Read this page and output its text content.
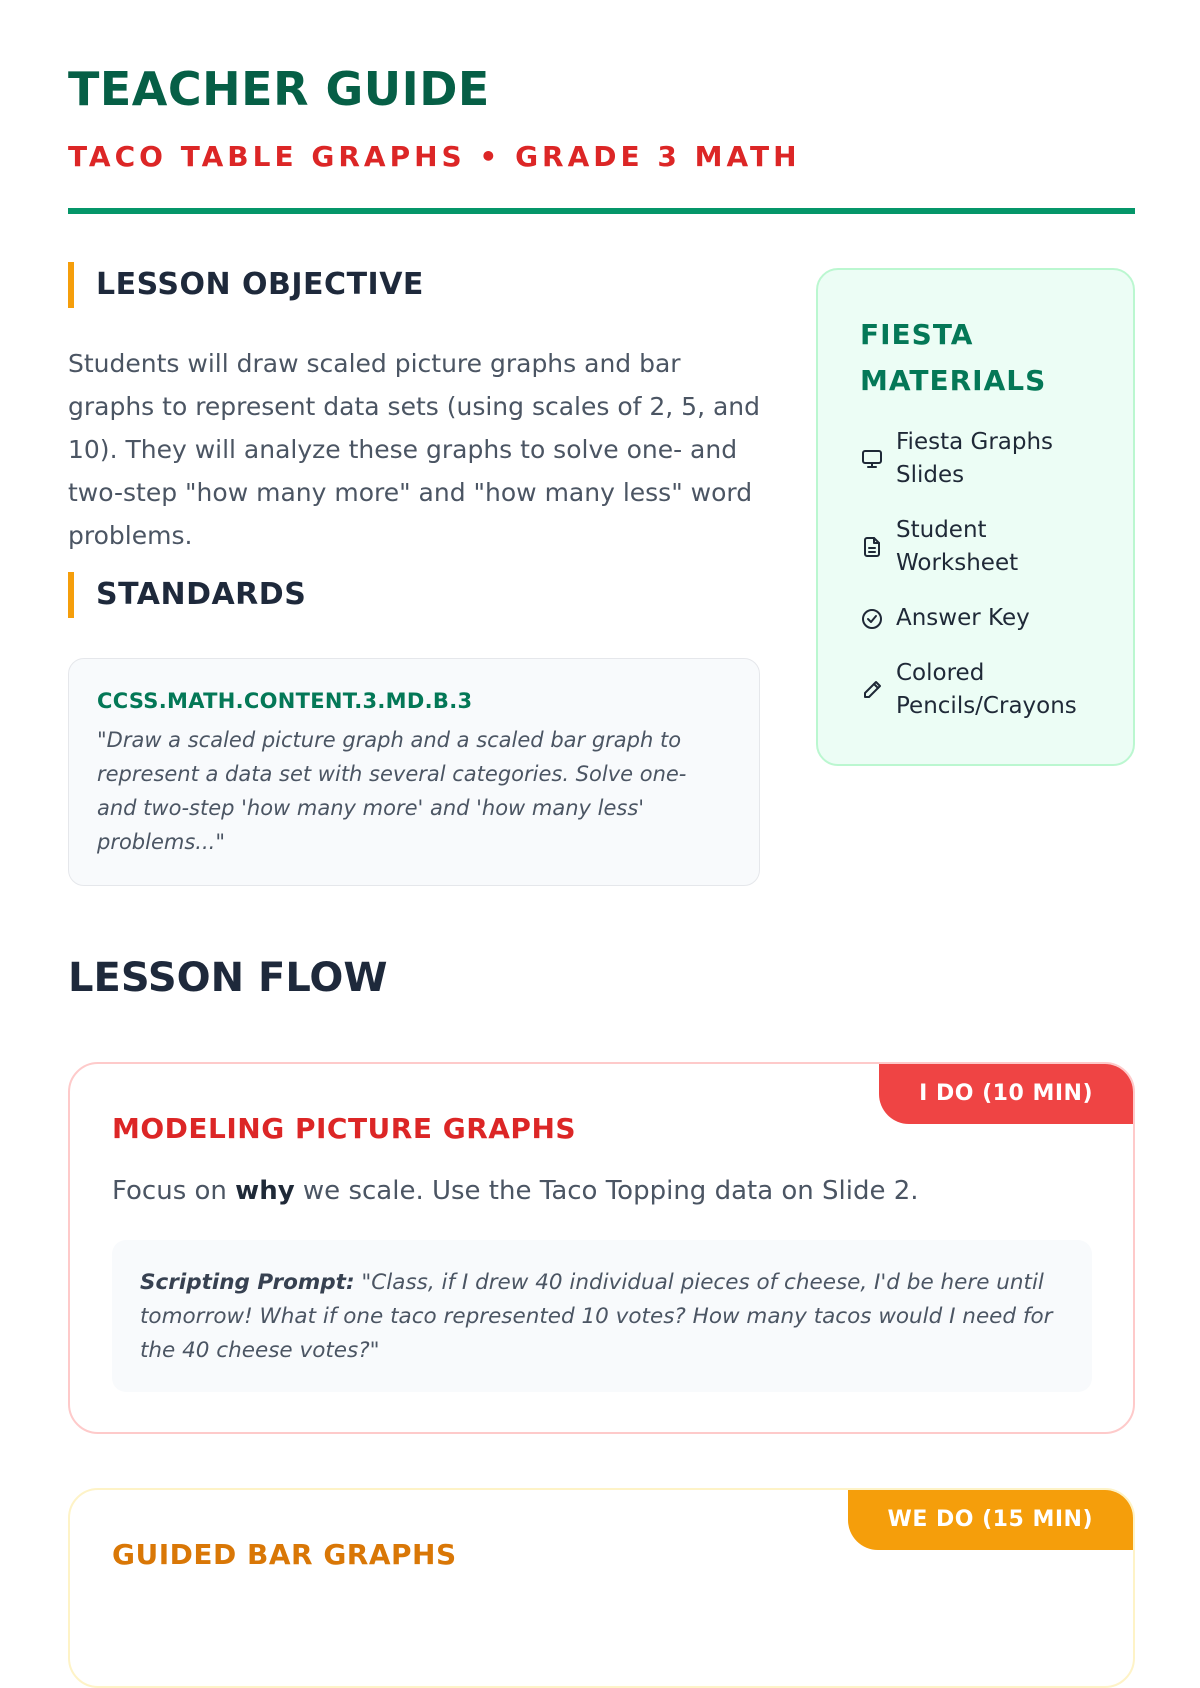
TEACHER GUIDE
TACO TABLE GRAPHS • GRADE 3 MATH
LESSON OBJECTIVE
Students will draw scaled picture graphs and bar graphs to represent data sets (using scales of 2, 5, and 10). They will analyze these graphs to solve one- and two-step "how many more" and "how many less" word problems.
STANDARDS
CCSS.MATH.CONTENT.3.MD.B.3
"Draw a scaled picture graph and a scaled bar graph to represent a data set with several categories. Solve one- and two-step 'how many more' and 'how many less' problems..."
FIESTA MATERIALS
Fiesta Graphs Slides
Student Worksheet
Answer Key
Colored Pencils/Crayons
LESSON FLOW
I DO (10 MIN)
MODELING PICTURE GRAPHS
Focus on why we scale. Use the Taco Topping data on Slide 2.
Scripting Prompt: "Class, if I drew 40 individual pieces of cheese, I'd be here until tomorrow! What if one taco represented 10 votes? How many tacos would I need for the 40 cheese votes?"
WE DO (15 MIN)
GUIDED BAR GRAPHS
